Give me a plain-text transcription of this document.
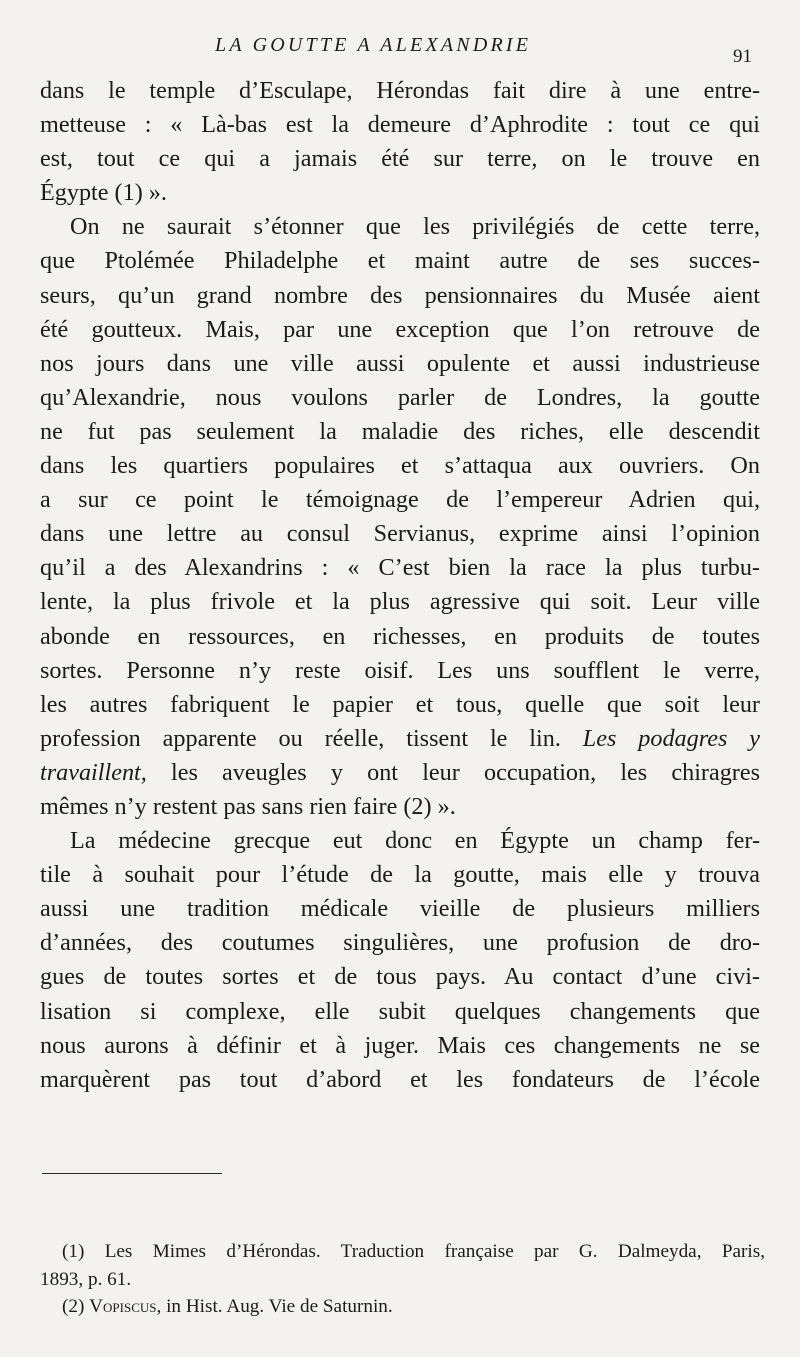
LA GOUTTE A ALEXANDRIE
91
dans le temple d’Esculape, Hérondas fait dire à une entre-
metteuse : « Là-bas est la demeure d’Aphrodite : tout ce qui
est, tout ce qui a jamais été sur terre, on le trouve en
Égypte (1) ».
On ne saurait s’étonner que les privilégiés de cette terre,
que Ptolémée Philadelphe et maint autre de ses succes-
seurs, qu’un grand nombre des pensionnaires du Musée aient
été goutteux. Mais, par une exception que l’on retrouve de
nos jours dans une ville aussi opulente et aussi industrieuse
qu’Alexandrie, nous voulons parler de Londres, la goutte
ne fut pas seulement la maladie des riches, elle descendit
dans les quartiers populaires et s’attaqua aux ouvriers. On
a sur ce point le témoignage de l’empereur Adrien qui,
dans une lettre au consul Servianus, exprime ainsi l’opinion
qu’il a des Alexandrins : « C’est bien la race la plus turbu-
lente, la plus frivole et la plus agressive qui soit. Leur ville
abonde en ressources, en richesses, en produits de toutes
sortes. Personne n’y reste oisif. Les uns soufflent le verre,
les autres fabriquent le papier et tous, quelle que soit leur
profession apparente ou réelle, tissent le lin. Les podagres y
travaillent, les aveugles y ont leur occupation, les chiragres
mêmes n’y restent pas sans rien faire (2) ».
La médecine grecque eut donc en Égypte un champ fer-
tile à souhait pour l’étude de la goutte, mais elle y trouva
aussi une tradition médicale vieille de plusieurs milliers
d’années, des coutumes singulières, une profusion de dro-
gues de toutes sortes et de tous pays. Au contact d’une civi-
lisation si complexe, elle subit quelques changements que
nous aurons à définir et à juger. Mais ces changements ne se
marquèrent pas tout d’abord et les fondateurs de l’école
(1) Les Mimes d’Hérondas. Traduction française par G. Dalmeyda, Paris,
1893, p. 61.
(2) Vopiscus, in Hist. Aug. Vie de Saturnin.
